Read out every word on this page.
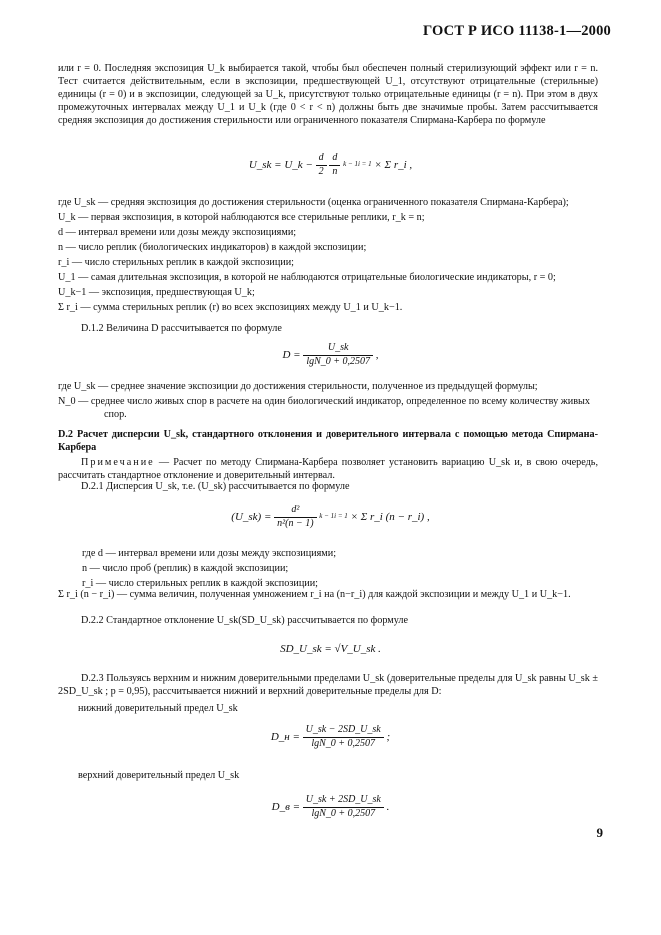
ГОСТ Р ИСО 11138-1—2000
или r = 0. Последняя экспозиция U_k выбирается такой, чтобы был обеспечен полный стерилизующий эффект или r = n. Тест считается действительным, если в экспозиции, предшествующей U_1, отсутствуют отрицательные (стерильные) единицы (r = 0) и в экспозиции, следующей за U_k, присутствуют только отрицательные единицы (r = n). При этом в двух промежуточных интервалах между U_1 и U_k (где 0 < r < n) должны быть две значимые пробы. Затем рассчитывается средняя экспозиция до достижения стерильности или ограниченного показателя Спирмана-Карбера по формуле
U_sk = U_k − $\frac{d}{2}$
$\frac{d}{n}$ k − 1i = 1 × Σ r_i ,
где U_sk — средняя экспозиция до достижения стерильности (оценка ограниченного показателя Спирмана-Карбера);
U_k — первая экспозиция, в которой наблюдаются все стерильные реплики, r_k = n;
d — интервал времени или дозы между экспозициями;
n — число реплик (биологических индикаторов) в каждой экспозиции;
r_i — число стерильных реплик в каждой экспозиции;
U_1 — самая длительная экспозиция, в которой не наблюдаются отрицательные биологические индикаторы, r = 0;
U_k−1 — экспозиция, предшествующая U_k;
Σ r_i — сумма стерильных реплик (r) во всех экспозициях между U_1 и U_k−1.
D.1.2 Величина D рассчитывается по формуле
$D = \frac{U\_sk}{\lg N\_0 + 0,2507}$ ,
где U_sk — среднее значение экспозиции до достижения стерильности, полученное из предыдущей формулы;
N_0 — среднее число живых спор в расчете на один биологический индикатор, определенное по всему количеству живых спор.
D.2 Расчет дисперсии U_sk, стандартного отклонения и доверительного интервала с помощью метода Спирмана-Карбера
Примечание — Расчет по методу Спирмана-Карбера позволяет установить вариацию U_sk и, в свою очередь, рассчитать стандартное отклонение и доверительный интервал.
D.2.1 Дисперсия U_sk, т.е. (U_sk) рассчитывается по формуле
(U_sk) = $\frac{\text{d²}}{\text{n²(n − 1)}}$ k − 1i = 1 × Σ r_i (n − r_i) ,
где d — интервал времени или дозы между экспозициями;
n — число проб (реплик) в каждой экспозиции;
r_i — число стерильных реплик в каждой экспозиции;
Σ r_i (n − r_i) — сумма величин, полученная умножением r_i на (n−r_i) для каждой экспозиции и между U_1 и U_k−1.
D.2.2 Стандартное отклонение U_sk(SD_U_sk) рассчитывается по формуле
SD_U_sk = √V_U_sk .
D.2.3 Пользуясь верхним и нижним доверительными пределами U_sk (доверительные пределы для U_sk равны U_sk ± 2SD_U_sk ; p = 0,95), рассчитывается нижний и верхний доверительные пределы для D:
нижний доверительный предел U_sk
D_н = $\frac{U\_sk - 2SD\_U\_sk}{\lg N\_0 + 0,2507}$ ;
верхний доверительный предел U_sk
D_в = $\frac{U\_sk + 2SD\_U\_sk}{\lg N\_0 + 0,2507}$ .
9
